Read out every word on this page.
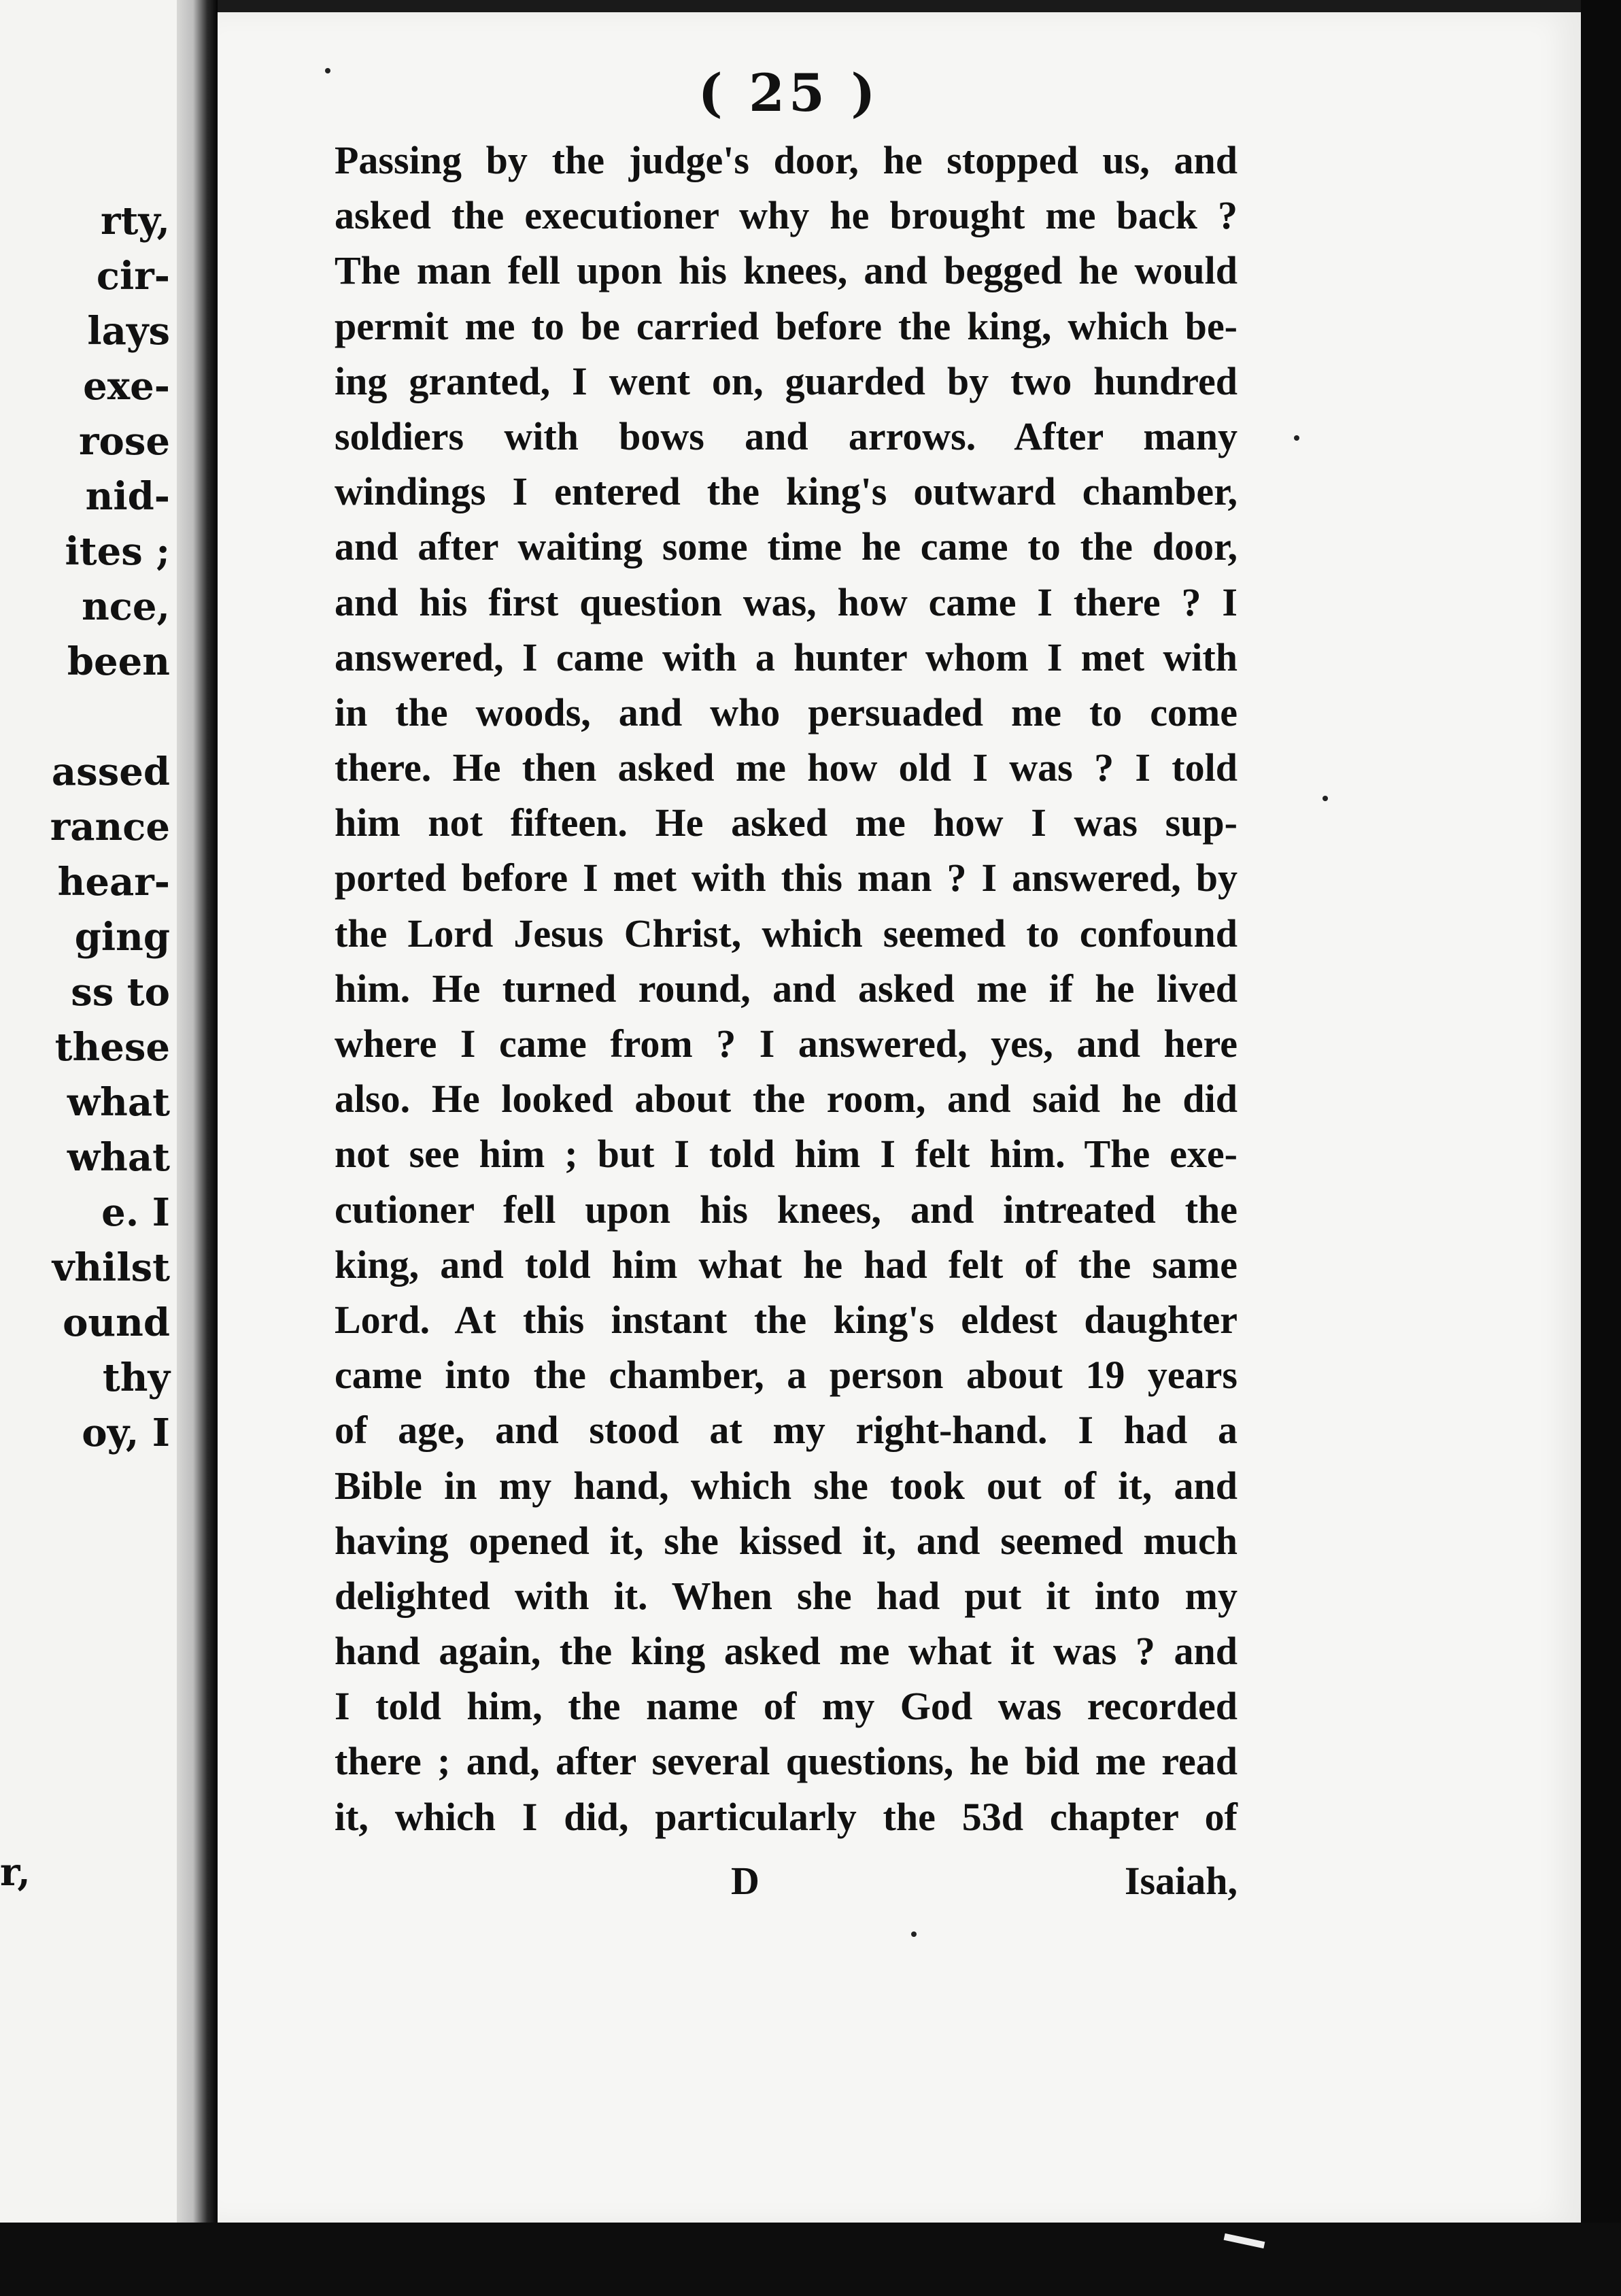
rty,
cir-
lays
exe-
rose
nid-
ites ;
nce,
been
assed
rance
hear-
ging
ss to
these
what
what
e. I
vhilst
ound
thy
oy, I
r,
( 25 )
Passing by the judge's door, he stopped us, and
asked the executioner why he brought me back ?
The man fell upon his knees, and begged he would
permit me to be carried before the king, which be-
ing granted, I went on, guarded by two hundred
soldiers with bows and arrows. After many
windings I entered the king's outward chamber,
and after waiting some time he came to the door,
and his first question was, how came I there ? I
answered, I came with a hunter whom I met with
in the woods, and who persuaded me to come
there. He then asked me how old I was ? I told
him not fifteen. He asked me how I was sup-
ported before I met with this man ? I answered, by
the Lord Jesus Christ, which seemed to confound
him. He turned round, and asked me if he lived
where I came from ? I answered, yes, and here
also. He looked about the room, and said he did
not see him ; but I told him I felt him. The exe-
cutioner fell upon his knees, and intreated the
king, and told him what he had felt of the same
Lord. At this instant the king's eldest daughter
came into the chamber, a person about 19 years
of age, and stood at my right-hand. I had a
Bible in my hand, which she took out of it, and
having opened it, she kissed it, and seemed much
delighted with it. When she had put it into my
hand again, the king asked me what it was ? and
I told him, the name of my God was recorded
there ; and, after several questions, he bid me read
it, which I did, particularly the 53d chapter of
D	Isaiah,
